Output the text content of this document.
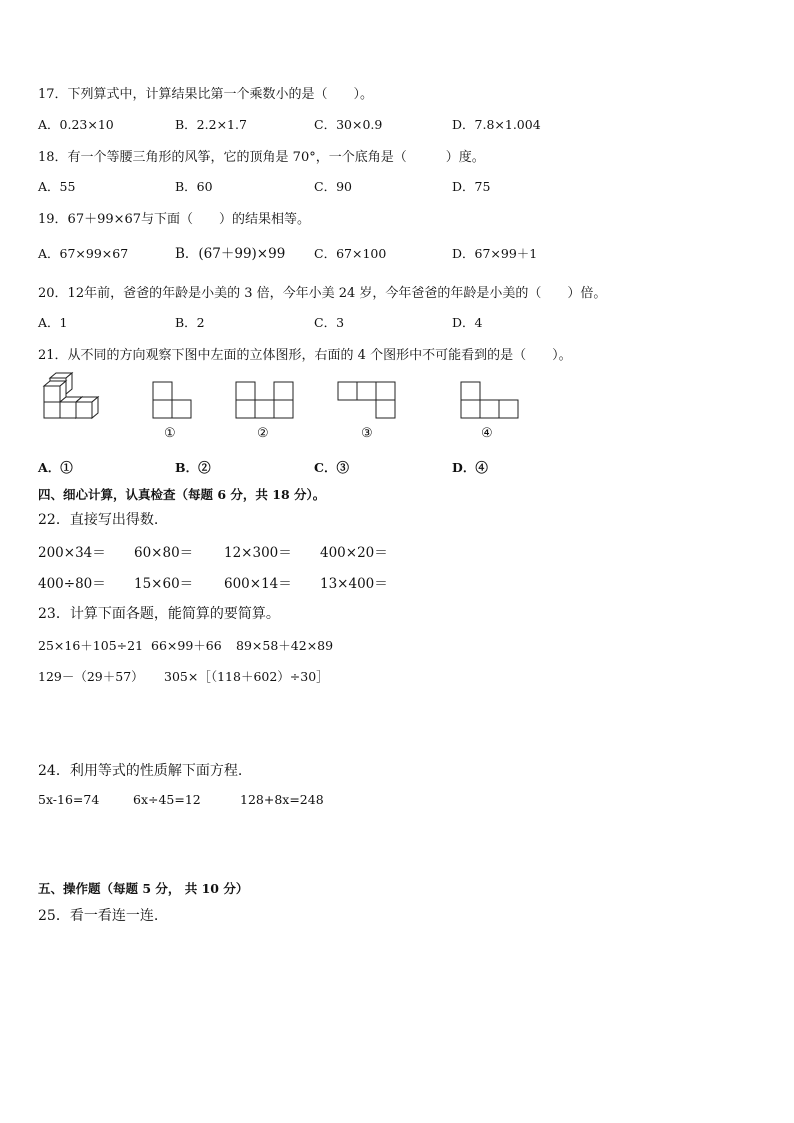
17．下列算式中，计算结果比第一个乘数小的是（　　）。
A．0.23×10	B．2.2×1.7	C．30×0.9	D．7.8×1.004
18．有一个等腰三角形的风筝，它的顶角是 70°，一个底角是（　　　）度。
A．55	B．60	C．90	D．75
19．67＋99×67与下面（　　）的结果相等。
A．67×99×67	B．(67＋99)×99 C．67×100	D．67×99＋1
20．12年前，爸爸的年龄是小美的 3 倍，今年小美 24 岁，今年爸爸的年龄是小美的（　　）倍。
A．1	B．2	C．3	D．4
21．从不同的方向观察下图中左面的立体图形，右面的 4 个图形中不可能看到的是（　　）。
①	②	③	④
A．①	B．②	C．③	D．④
四、细心计算，认真检查（每题 6 分，共 18 分）。
22．直接写出得数.
200×34＝ 60×80＝ 12×300＝ 400×20＝
400÷80＝ 15×60＝ 600×14＝ 13×400＝
23．计算下面各题，能简算的要简算。
25×16＋105÷21 66×99＋66 89×58＋42×89
129－（29＋57） 305×［（118＋602）÷30］
24．利用等式的性质解下面方程.
5x-16=74	6x÷45=12	128+8x=248
五、操作题（每题 5 分， 共 10 分）
25．看一看连一连.
